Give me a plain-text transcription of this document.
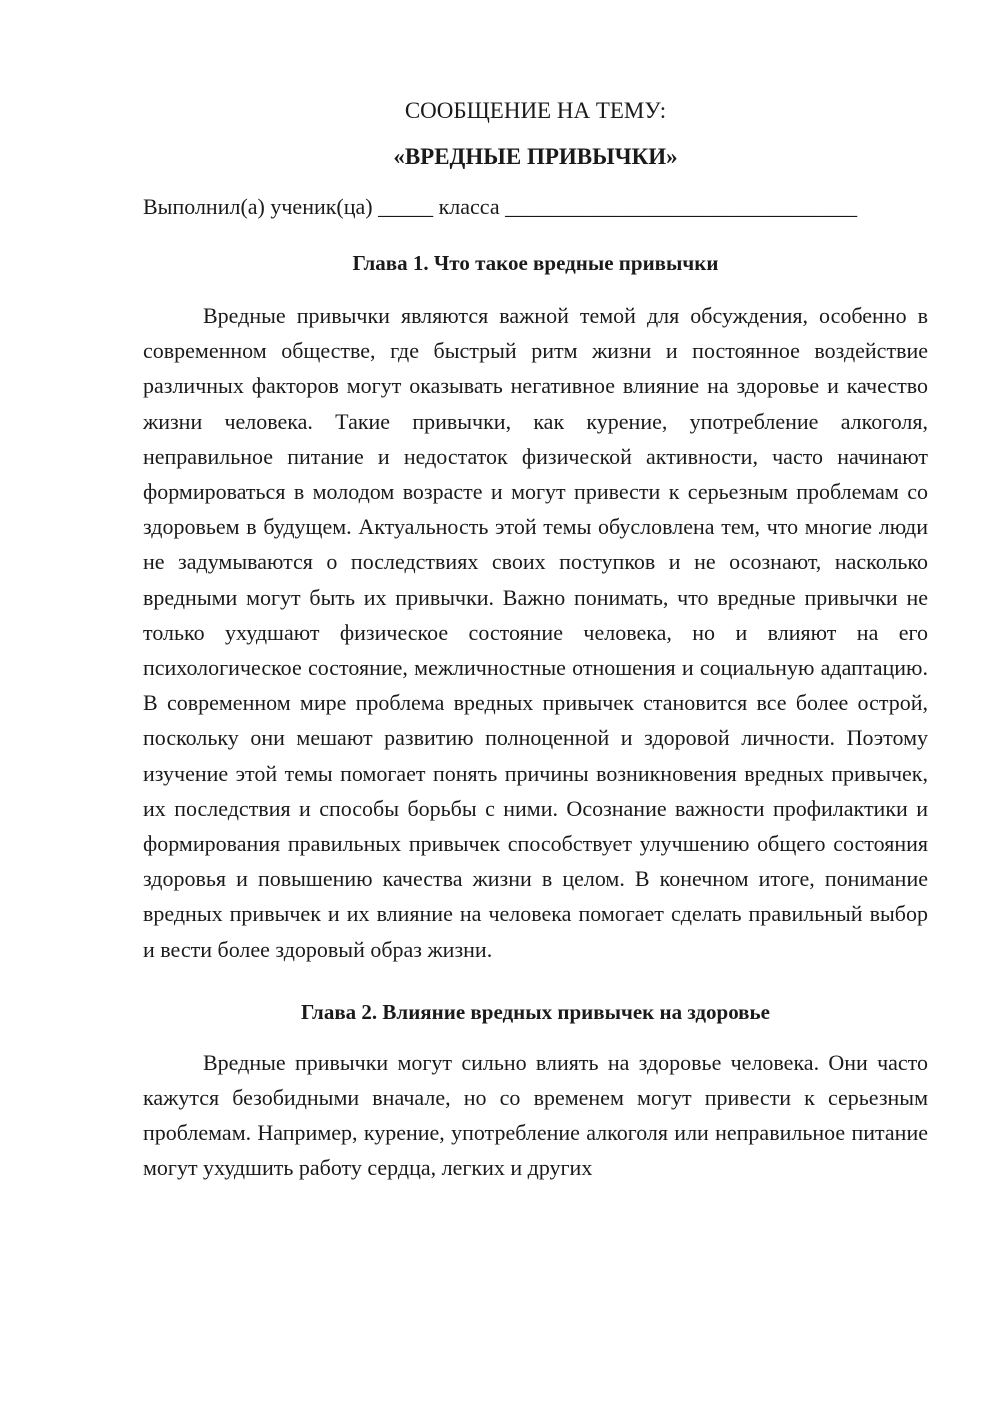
СООБЩЕНИЕ НА ТЕМУ:

«ВРЕДНЫЕ ПРИВЫЧКИ»

Выполнил(а) ученик(ца) _____ класса ________________________________
Глава 1. Что такое вредные привычки

Вредные привычки являются важной темой для обсуждения, особенно в современном обществе, где быстрый ритм жизни и постоянное воздействие различных факторов могут оказывать негативное влияние на здоровье и качество жизни человека. Такие привычки, как курение, употребление алкоголя, неправильное питание и недостаток физической активности, часто начинают формироваться в молодом возрасте и могут привести к серьезным проблемам со здоровьем в будущем. Актуальность этой темы обусловлена тем, что многие люди не задумываются о последствиях своих поступков и не осознают, насколько вредными могут быть их привычки. Важно понимать, что вредные привычки не только ухудшают физическое состояние человека, но и влияют на его психологическое состояние, межличностные отношения и социальную адаптацию. В современном мире проблема вредных привычек становится все более острой, поскольку они мешают развитию полноценной и здоровой личности. Поэтому изучение этой темы помогает понять причины возникновения вредных привычек, их последствия и способы борьбы с ними. Осознание важности профилактики и формирования правильных привычек способствует улучшению общего состояния здоровья и повышению качества жизни в целом. В конечном итоге, понимание вредных привычек и их влияние на человека помогает сделать правильный выбор и вести более здоровый образ жизни.

Глава 2. Влияние вредных привычек на здоровье

Вредные привычки могут сильно влиять на здоровье человека. Они часто кажутся безобидными вначале, но со временем могут привести к серьезным проблемам. Например, курение, употребление алкоголя или неправильное питание могут ухудшить работу сердца, легких и других
